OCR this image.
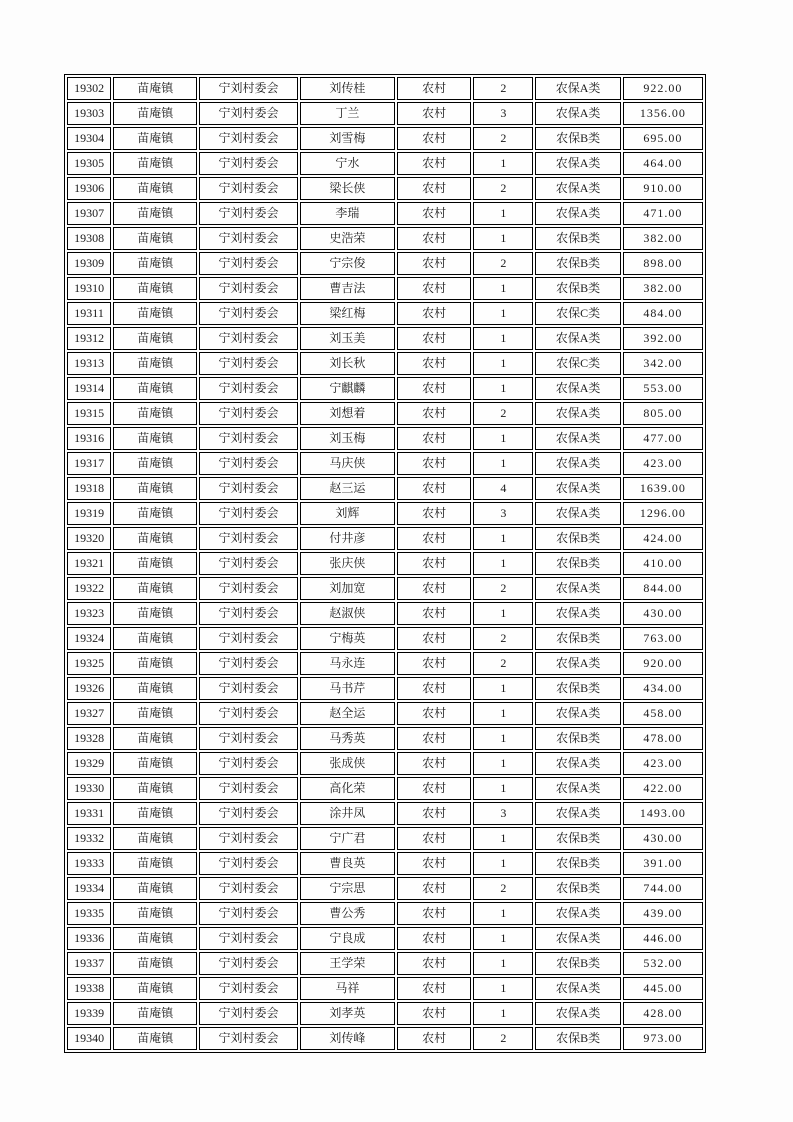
19302	苗庵镇	宁刘村委会	刘传桂	农村	2	农保A类	922.00
19303	苗庵镇	宁刘村委会	丁兰	农村	3	农保A类	1356.00
19304	苗庵镇	宁刘村委会	刘雪梅	农村	2	农保B类	695.00
19305	苗庵镇	宁刘村委会	宁水	农村	1	农保A类	464.00
19306	苗庵镇	宁刘村委会	梁长侠	农村	2	农保A类	910.00
19307	苗庵镇	宁刘村委会	李瑞	农村	1	农保A类	471.00
19308	苗庵镇	宁刘村委会	史浩荣	农村	1	农保B类	382.00
19309	苗庵镇	宁刘村委会	宁宗俊	农村	2	农保B类	898.00
19310	苗庵镇	宁刘村委会	曹吉法	农村	1	农保B类	382.00
19311	苗庵镇	宁刘村委会	梁红梅	农村	1	农保C类	484.00
19312	苗庵镇	宁刘村委会	刘玉美	农村	1	农保A类	392.00
19313	苗庵镇	宁刘村委会	刘长秋	农村	1	农保C类	342.00
19314	苗庵镇	宁刘村委会	宁麒麟	农村	1	农保A类	553.00
19315	苗庵镇	宁刘村委会	刘想着	农村	2	农保A类	805.00
19316	苗庵镇	宁刘村委会	刘玉梅	农村	1	农保A类	477.00
19317	苗庵镇	宁刘村委会	马庆侠	农村	1	农保A类	423.00
19318	苗庵镇	宁刘村委会	赵三运	农村	4	农保A类	1639.00
19319	苗庵镇	宁刘村委会	刘辉	农村	3	农保A类	1296.00
19320	苗庵镇	宁刘村委会	付井彦	农村	1	农保B类	424.00
19321	苗庵镇	宁刘村委会	张庆侠	农村	1	农保B类	410.00
19322	苗庵镇	宁刘村委会	刘加宽	农村	2	农保A类	844.00
19323	苗庵镇	宁刘村委会	赵淑侠	农村	1	农保A类	430.00
19324	苗庵镇	宁刘村委会	宁梅英	农村	2	农保B类	763.00
19325	苗庵镇	宁刘村委会	马永连	农村	2	农保A类	920.00
19326	苗庵镇	宁刘村委会	马书芹	农村	1	农保B类	434.00
19327	苗庵镇	宁刘村委会	赵全运	农村	1	农保A类	458.00
19328	苗庵镇	宁刘村委会	马秀英	农村	1	农保B类	478.00
19329	苗庵镇	宁刘村委会	张成侠	农村	1	农保A类	423.00
19330	苗庵镇	宁刘村委会	高化荣	农村	1	农保A类	422.00
19331	苗庵镇	宁刘村委会	涂井凤	农村	3	农保A类	1493.00
19332	苗庵镇	宁刘村委会	宁广君	农村	1	农保B类	430.00
19333	苗庵镇	宁刘村委会	曹良英	农村	1	农保B类	391.00
19334	苗庵镇	宁刘村委会	宁宗思	农村	2	农保B类	744.00
19335	苗庵镇	宁刘村委会	曹公秀	农村	1	农保A类	439.00
19336	苗庵镇	宁刘村委会	宁良成	农村	1	农保A类	446.00
19337	苗庵镇	宁刘村委会	王学荣	农村	1	农保B类	532.00
19338	苗庵镇	宁刘村委会	马祥	农村	1	农保A类	445.00
19339	苗庵镇	宁刘村委会	刘孝英	农村	1	农保A类	428.00
19340	苗庵镇	宁刘村委会	刘传峰	农村	2	农保B类	973.00
